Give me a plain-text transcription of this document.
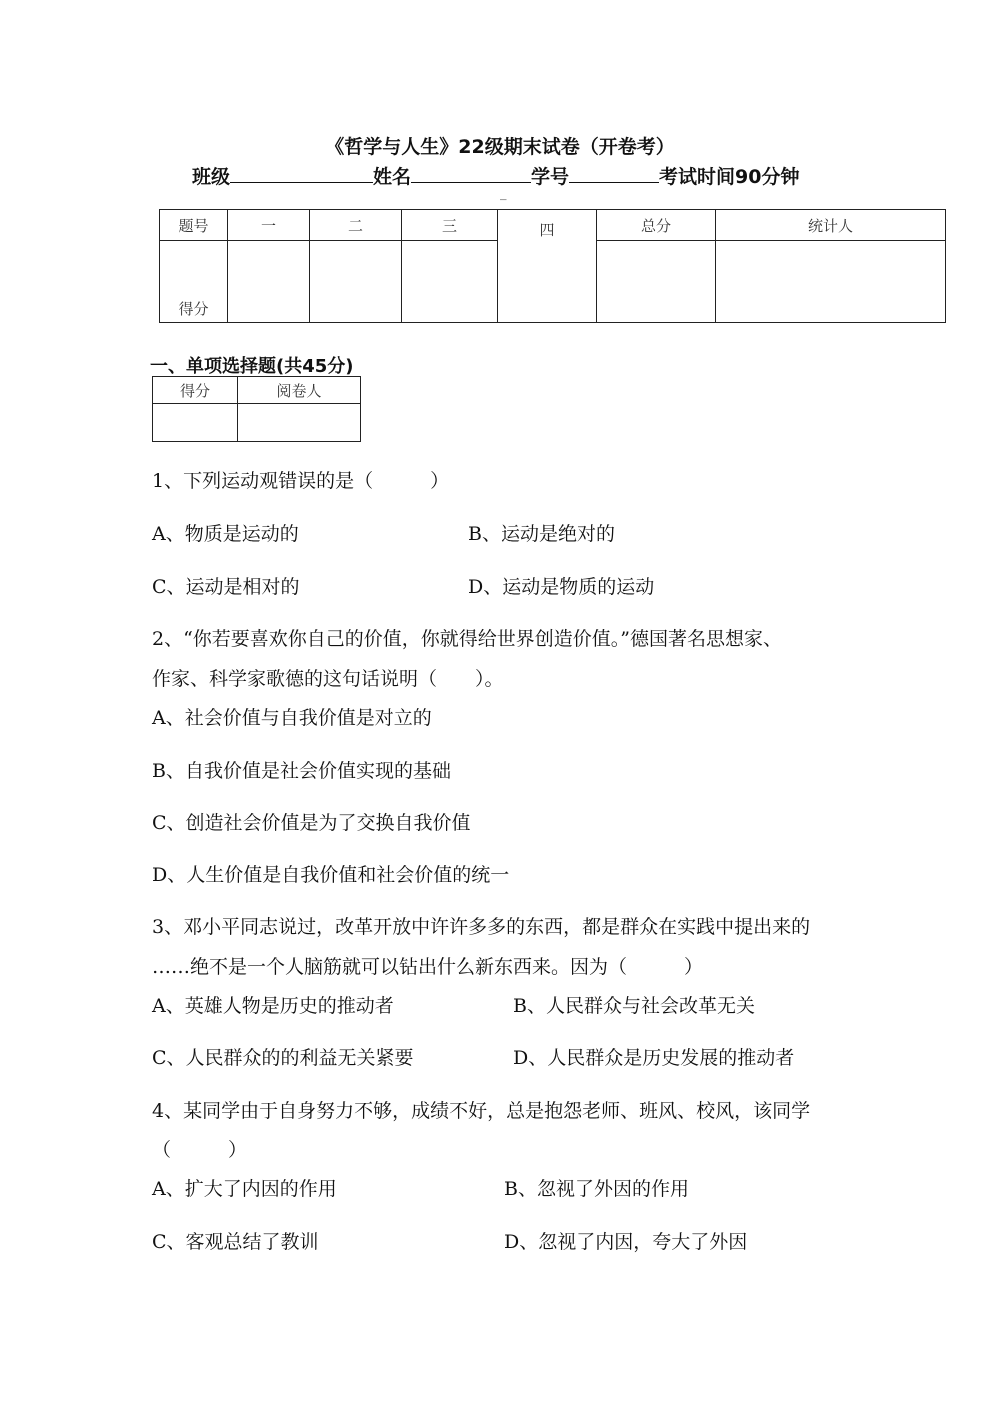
《哲学与人生》22级期末试卷（开卷考）
班级	姓名	学号	考试时间90分钟
_
题号	一	二	三	四	总分	统计人
得分						
一、单项选择题(共45分)
得分	阅卷人

1、下列运动观错误的是（　　　）
A、物质是运动的	B、运动是绝对的
C、运动是相对的	D、运动是物质的运动
2、“你若要喜欢你自己的价值，你就得给世界创造价值。”德国著名思想家、
作家、科学家歌德的这句话说明（　　）。
A、社会价值与自我价值是对立的
B、自我价值是社会价值实现的基础
C、创造社会价值是为了交换自我价值
D、人生价值是自我价值和社会价值的统一
3、邓小平同志说过，改革开放中许许多多的东西，都是群众在实践中提出来的
……绝不是一个人脑筋就可以钻出什么新东西来。因为（　　　）
A、英雄人物是历史的推动者	B、人民群众与社会改革无关
C、人民群众的的利益无关紧要	D、人民群众是历史发展的推动者
4、某同学由于自身努力不够，成绩不好，总是抱怨老师、班风、校风，该同学
（　　　）
A、扩大了内因的作用	B、忽视了外因的作用
C、客观总结了教训	D、忽视了内因，夸大了外因
